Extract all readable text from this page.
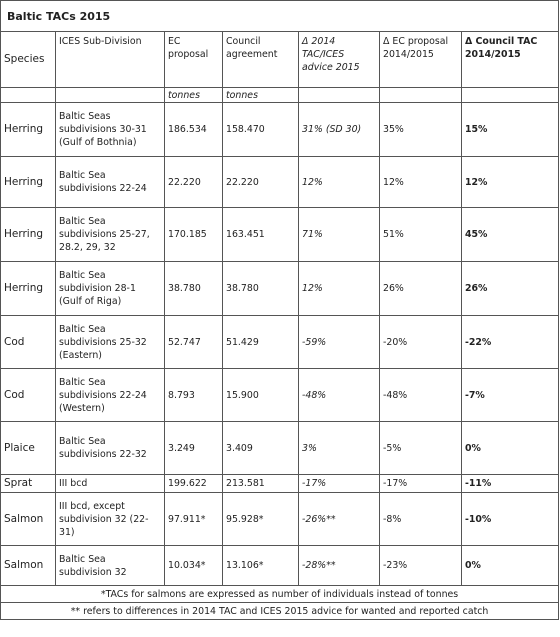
Baltic TACs 2015						
Species	ICES Sub-Division	EC proposal	Council agreement	Δ 2014 TAC/ICES advice 2015	Δ EC proposal 2014/2015	Δ Council TAC 2014/2015
		tonnes	tonnes			
Herring	Baltic Seas subdivisions 30-31 (Gulf of Bothnia)	186.534	158.470	31% (SD 30)	35%	15%
Herring	Baltic Sea subdivisions 22-24	22.220	22.220	12%	12%	12%
Herring	Baltic Sea subdivisions 25-27, 28.2, 29, 32	170.185	163.451	71%	51%	45%
Herring	Baltic Sea subdivision 28-1 (Gulf of Riga)	38.780	38.780	12%	26%	26%
Cod	Baltic Sea subdivisions 25-32 (Eastern)	52.747	51.429	-59%	-20%	-22%
Cod	Baltic Sea subdivisions 22-24 (Western)	8.793	15.900	-48%	-48%	-7%
Plaice	Baltic Sea subdivisions 22-32	3.249	3.409	3%	-5%	0%
Sprat	III bcd	199.622	213.581	-17%	-17%	-11%
Salmon	III bcd, except subdivision 32 (22-31)	97.911*	95.928*	-26%**	-8%	-10%
Salmon	Baltic Sea subdivision 32	10.034*	13.106*	-28%**	-23%	0%
*TACs for salmons are expressed as number of individuals instead of tonnes						
** refers to differences in 2014 TAC and ICES 2015 advice for wanted and reported catch						
